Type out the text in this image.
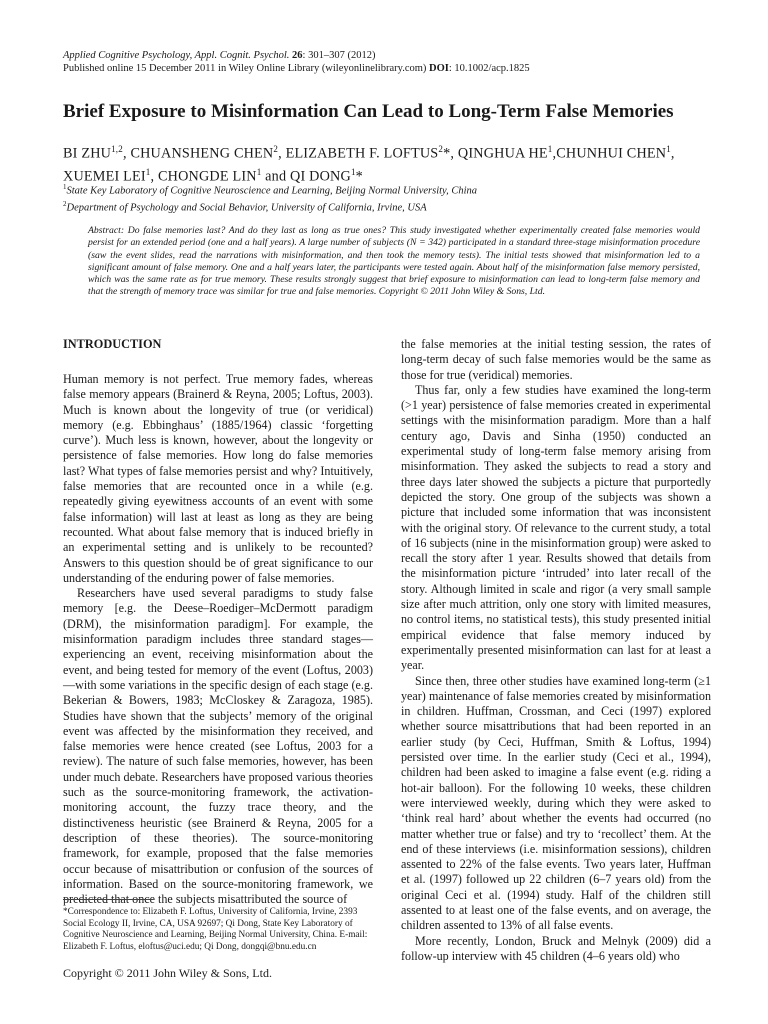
Applied Cognitive Psychology, Appl. Cognit. Psychol. 26: 301–307 (2012)
Published online 15 December 2011 in Wiley Online Library (wileyonlinelibrary.com) DOI: 10.1002/acp.1825
Brief Exposure to Misinformation Can Lead to Long-Term False Memories
BI ZHU$^{1,2}$, CHUANSHENG CHEN$^2$, ELIZABETH F. LOFTUS$^2$*, QINGHUA $HE^1,CHUNHUI$ CHEN$^1$, XUEMEI LEI$^1$, CHONGDE LIN$^1$ and QI DONG$^1$*
$^1$State Key Laboratory of Cognitive Neuroscience and Learning, Beijing Normal University, China
$^2$Department of Psychology and Social Behavior, University of California, Irvine, USA

Abstract: Do false memories last? And do they last as long as true ones? This study investigated whether experimentally created false memories would persist for an extended period (one and a half years). A large number of subjects (N = 342) participated in a standard three-stage misinformation procedure (saw the event slides, read the narrations with misinformation, and then took the memory tests). The initial tests showed that misinformation led to a significant amount of false memory. One and a half years later, the participants were tested again. About half of the misinformation false memory persisted, which was the same rate as for true memory. These results strongly suggest that brief exposure to misinformation can lead to long-term false memory and that the strength of memory trace was similar for true and false memories. Copyright © 2011 John Wiley & Sons, Ltd.

INTRODUCTION

Human memory is not perfect. True memory fades, whereas false memory appears (Brainerd & Reyna, 2005; Loftus, 2003). Much is known about the longevity of true (or veridical) memory (e.g. Ebbinghaus’ (1885/1964) classic ‘forgetting curve’). Much less is known, however, about the longevity or persistence of false memories. How long do false memories last? What types of false memories persist and why? Intuitively, false memories that are recounted once in a while (e.g. repeatedly giving eyewitness accounts of an event with some false information) will last at least as long as they are being recounted. What about false memory that is induced briefly in an experimental setting and is unlikely to be recounted? Answers to this question should be of great significance to our understanding of the enduring power of false memories.

Researchers have used several paradigms to study false memory [e.g. the Deese–Roediger–McDermott paradigm (DRM), the misinformation paradigm]. For example, the misinformation paradigm includes three standard stages—experiencing an event, receiving misinformation about the event, and being tested for memory of the event (Loftus, 2003)—with some variations in the specific design of each stage (e.g. Bekerian & Bowers, 1983; McCloskey & Zaragoza, 1985). Studies have shown that the subjects’ memory of the original event was affected by the misinformation they received, and false memories were hence created (see Loftus, 2003 for a review). The nature of such false memories, however, has been under much debate. Researchers have proposed various theories such as the source-monitoring framework, the activation-monitoring account, the fuzzy trace theory, and the distinctiveness heuristic (see Brainerd & Reyna, 2005 for a description of these theories). The source-monitoring framework, for example, proposed that the false memories occur because of misattribution or confusion of the sources of information. Based on the source-monitoring framework, we predicted that once the subjects misattributed the source of

the false memories at the initial testing session, the rates of long-term decay of such false memories would be the same as those for true (veridical) memories.

Thus far, only a few studies have examined the long-term (>1 year) persistence of false memories created in experimental settings with the misinformation paradigm. More than a half century ago, Davis and Sinha (1950) conducted an experimental study of long-term false memory arising from misinformation. They asked the subjects to read a story and three days later showed the subjects a picture that purportedly depicted the story. One group of the subjects was shown a picture that included some information that was inconsistent with the original story. Of relevance to the current study, a total of 16 subjects (nine in the misinformation group) were asked to recall the story after 1 year. Results showed that details from the misinformation picture ‘intruded’ into later recall of the story. Although limited in scale and rigor (a very small sample size after much attrition, only one story with limited measures, no control items, no statistical tests), this study presented initial empirical evidence that false memory induced by experimentally presented misinformation can last for at least a year.

Since then, three other studies have examined long-term (≥1 year) maintenance of false memories created by misinformation in children. Huffman, Crossman, and Ceci (1997) explored whether source misattributions that had been reported in an earlier study (by Ceci, Huffman, Smith & Loftus, 1994) persisted over time. In the earlier study (Ceci et al., 1994), children had been asked to imagine a false event (e.g. riding a hot-air balloon). For the following 10 weeks, these children were interviewed weekly, during which they were asked to ‘think real hard’ about whether the events had occurred (no matter whether true or false) and try to ‘recollect’ them. At the end of these interviews (i.e. misinformation sessions), children assented to 22% of the false events. Two years later, Huffman et al. (1997) followed up 22 children (6–7 years old) from the original Ceci et al. (1994) study. Half of the children still assented to at least one of the false events, and on average, the children assented to 13% of all false events.

More recently, London, Bruck and Melnyk (2009) did a follow-up interview with 45 children (4–6 years old) who

*Correspondence to: Elizabeth F. Loftus, University of California, Irvine, 2393 Social Ecology II, Irvine, CA, USA 92697; Qi Dong, State Key Laboratory of Cognitive Neuroscience and Learning, Beijing Normal University, China. E-mail: Elizabeth F. Loftus, eloftus@uci.edu; Qi Dong, dongqi@bnu.edu.cn

Copyright © 2011 John Wiley & Sons, Ltd.
